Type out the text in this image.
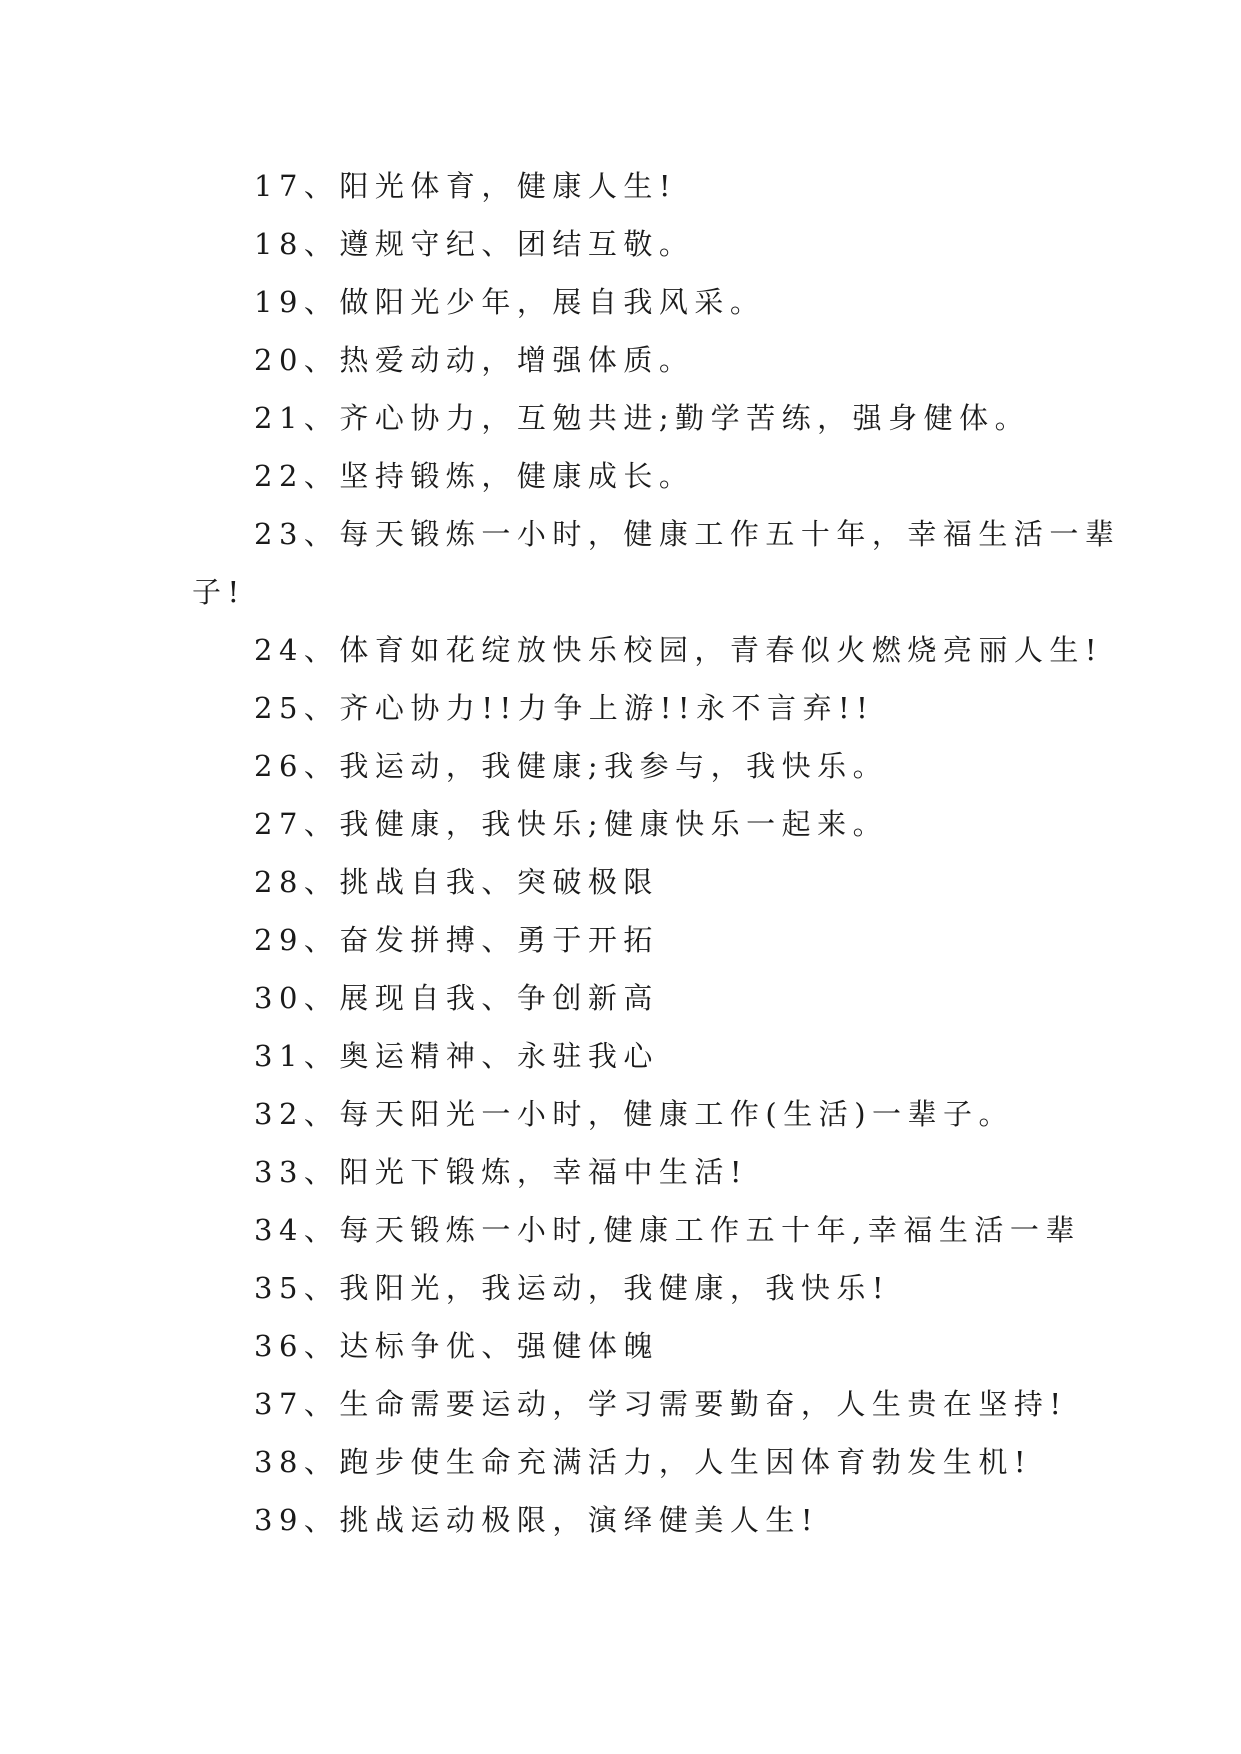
17、阳光体育，健康人生!
18、遵规守纪、团结互敬。
19、做阳光少年，展自我风采。
20、热爱动动，增强体质。
21、齐心协力，互勉共进;勤学苦练，强身健体。
22、坚持锻炼，健康成长。
23、每天锻炼一小时，健康工作五十年，幸福生活一辈
子!
24、体育如花绽放快乐校园，青春似火燃烧亮丽人生!
25、齐心协力!!力争上游!!永不言弃!!
26、我运动，我健康;我参与，我快乐。
27、我健康，我快乐;健康快乐一起来。
28、挑战自我、突破极限
29、奋发拼搏、勇于开拓
30、展现自我、争创新高
31、奥运精神、永驻我心
32、每天阳光一小时，健康工作(生活)一辈子。
33、阳光下锻炼，幸福中生活!
34、每天锻炼一小时,健康工作五十年,幸福生活一辈
35、我阳光，我运动，我健康，我快乐!
36、达标争优、强健体魄
37、生命需要运动，学习需要勤奋，人生贵在坚持!
38、跑步使生命充满活力，人生因体育勃发生机!
39、挑战运动极限，演绎健美人生!
